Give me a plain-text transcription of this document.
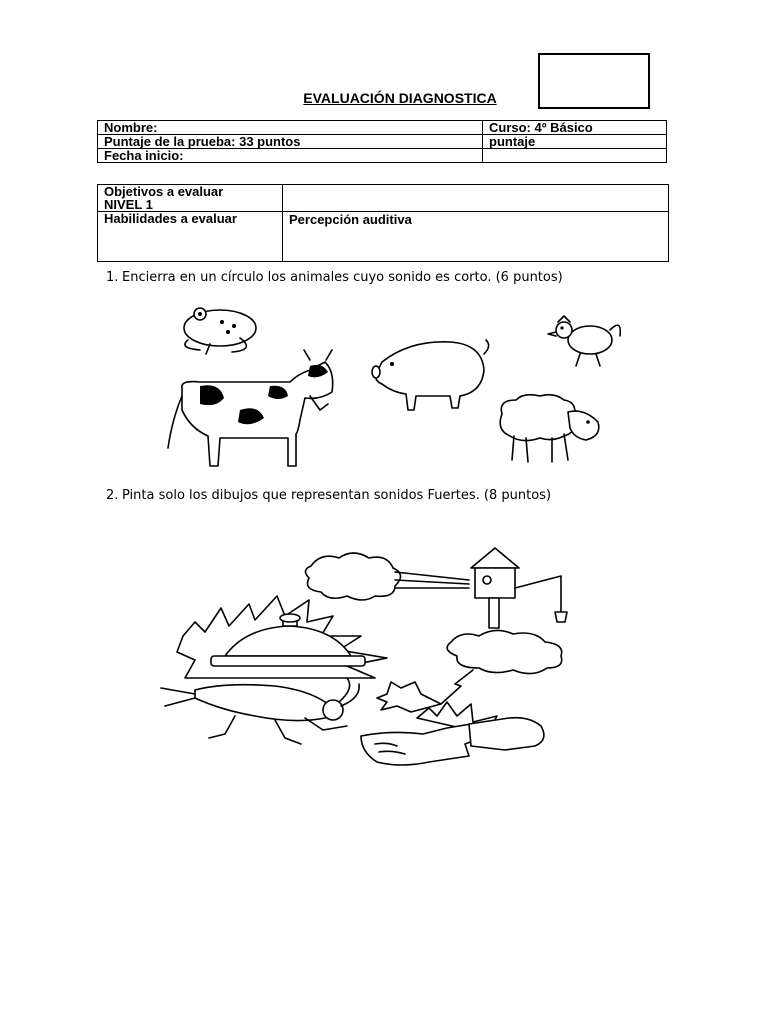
EVALUACIÓN DIAGNOSTICA
Nombre:	Curso: 4º Básico
Puntaje de la prueba: 33 puntos	puntaje
Fecha inicio:	
Objetivos a evaluar
NIVEL 1	

Habilidades a evaluar	Percepción auditiva
1. Encierra en un círculo los animales cuyo sonido es corto. (6 puntos)
2. Pinta solo los dibujos que representan sonidos Fuertes. (8 puntos)
